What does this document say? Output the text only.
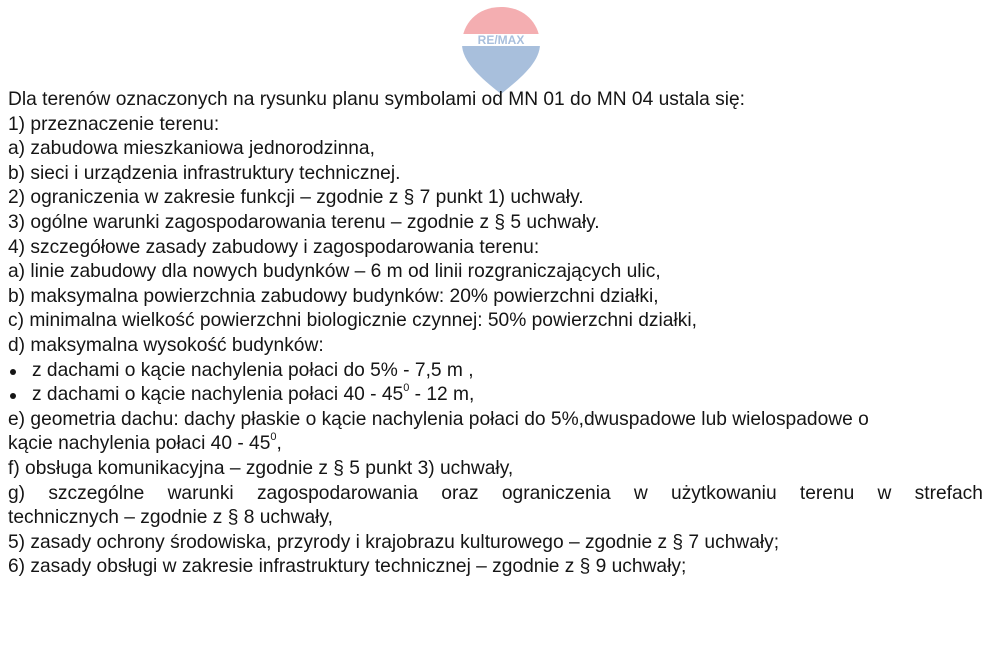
RE/MAX
Dla terenów oznaczonych na rysunku planu symbolami od MN 01 do MN 04 ustala się:
1) przeznaczenie terenu:
a) zabudowa mieszkaniowa jednorodzinna,
b) sieci i urządzenia infrastruktury technicznej.
2) ograniczenia w zakresie funkcji – zgodnie z § 7 punkt 1) uchwały.
3) ogólne warunki zagospodarowania terenu – zgodnie z § 5 uchwały.
4) szczegółowe zasady zabudowy i zagospodarowania terenu:
a) linie zabudowy dla nowych budynków – 6 m od linii rozgraniczających ulic,
b) maksymalna powierzchnia zabudowy budynków: 20% powierzchni działki,
c) minimalna wielkość powierzchni biologicznie czynnej: 50% powierzchni działki,
d) maksymalna wysokość budynków:
z dachami o kącie nachylenia połaci do 5% - 7,5 m ,
z dachami o kącie nachylenia połaci $40 - 45^0 - 12$ m,
e) geometria dachu: dachy płaskie o kącie nachylenia połaci do 5%,dwuspadowe lub wielospadowe o
kącie nachylenia połaci $40 - 45^0$,
f) obsługa komunikacyjna – zgodnie z § 5 punkt 3) uchwały,
g) szczególne warunki zagospodarowania oraz ograniczenia w użytkowaniu terenu w strefach
technicznych – zgodnie z § 8 uchwały,
5) zasady ochrony środowiska, przyrody i krajobrazu kulturowego – zgodnie z § 7 uchwały;
6) zasady obsługi w zakresie infrastruktury technicznej – zgodnie z § 9 uchwały;
